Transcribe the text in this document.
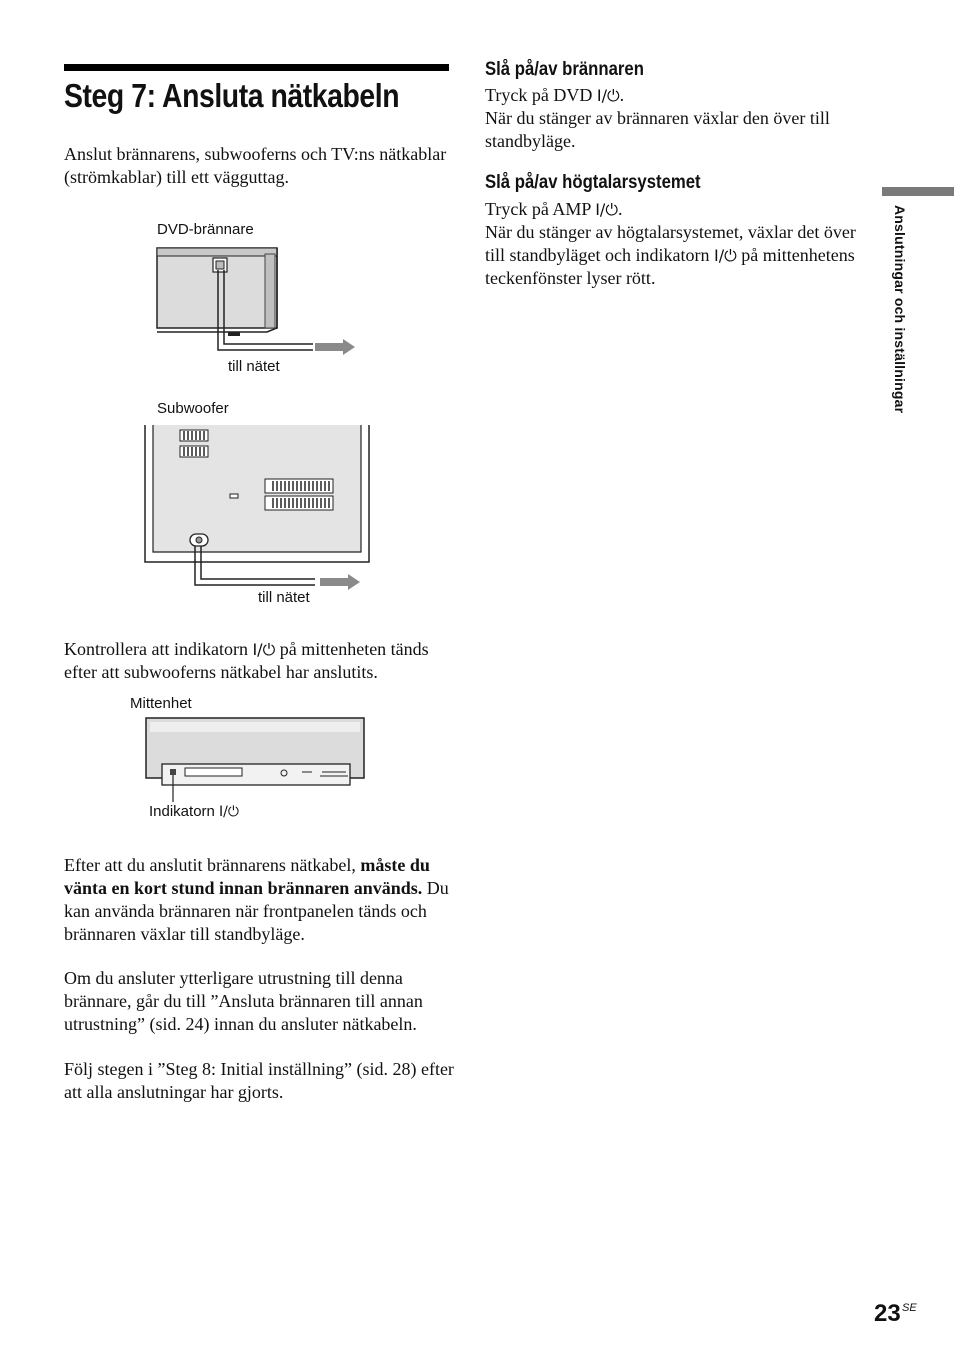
Steg 7: Ansluta nätkabeln
Anslut brännarens, subwooferns och TV:ns nätkablar (strömkablar) till ett vägguttag.
DVD-brännare
till nätet
Subwoofer
till nätet
Kontrollera att indikatorn I/⏻ på mittenheten tänds efter att subwooferns nätkabel har anslutits.
Mittenhet
Indikatorn I/⏻
Efter att du anslutit brännarens nätkabel, måste du vänta en kort stund innan brännaren används. Du kan använda brännaren när frontpanelen tänds och brännaren växlar till standbyläge.
Om du ansluter ytterligare utrustning till denna brännare, går du till ”Ansluta brännaren till annan utrustning” (sid. 24) innan du ansluter nätkabeln.
Följ stegen i ”Steg 8: Initial inställning” (sid. 28) efter att alla anslutningar har gjorts.
Slå på/av brännaren
Tryck på DVD I/⏻.
När du stänger av brännaren växlar den över till standbyläge.
Slå på/av högtalarsystemet
Tryck på AMP I/⏻.
När du stänger av högtalarsystemet, växlar det över till standbyläget och indikatorn I/⏻ på mittenhetens teckenfönster lyser rött.	Anslutningar och inställningar
23 SE
